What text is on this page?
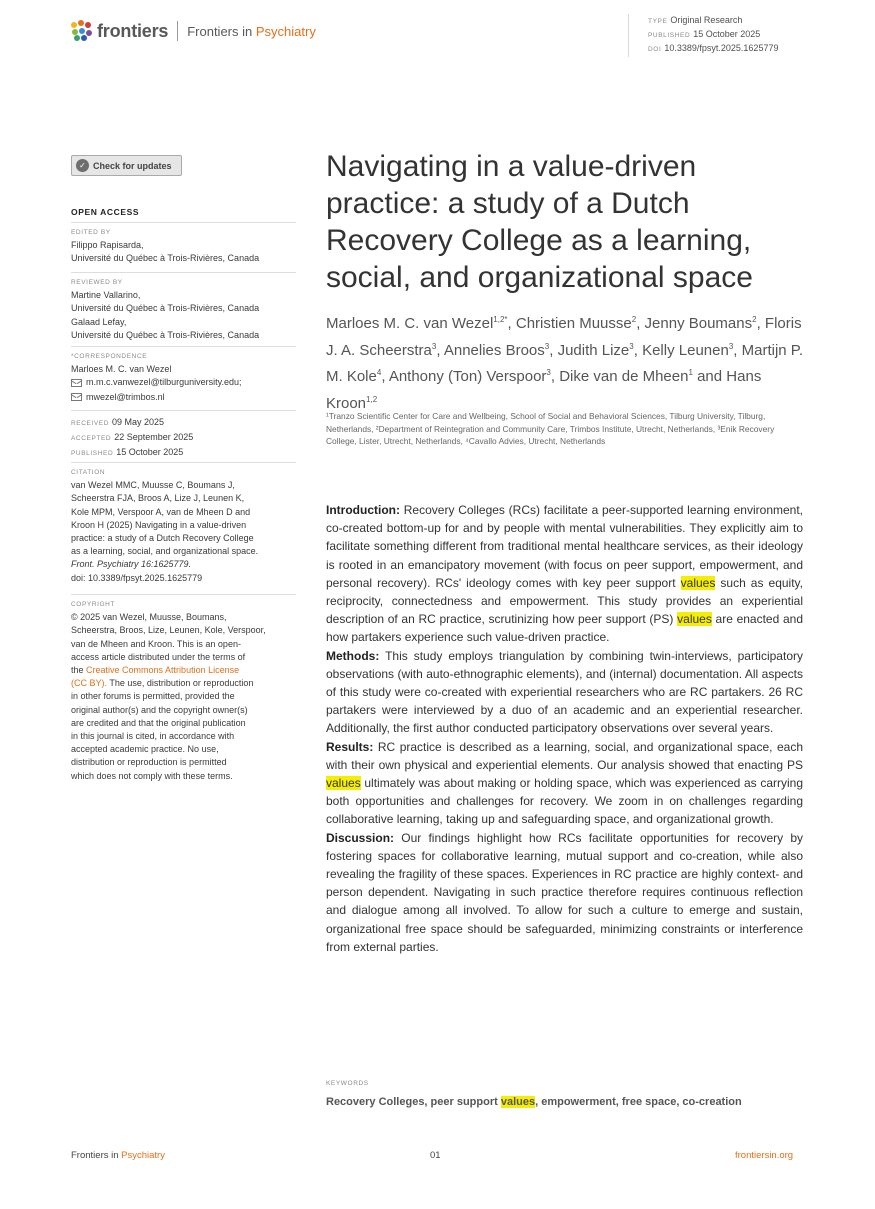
frontiers Frontiers in Psychiatry
TYPE Original Research
PUBLISHED 15 October 2025
DOI 10.3389/fpsyt.2025.1625779
✓ Check for updates
OPEN ACCESS
EDITED BY
Filippo Rapisarda,
Université du Québec à Trois-Rivières, Canada
REVIEWED BY
Martine Vallarino,
Université du Québec à Trois-Rivières, Canada
Galaad Lefay,
Université du Québec à Trois-Rivières, Canada
*CORRESPONDENCE
Marloes M. C. van Wezel
m.m.c.vanwezel@tilburguniversity.edu;
mwezel@trimbos.nl
RECEIVED 09 May 2025
ACCEPTED 22 September 2025
PUBLISHED 15 October 2025
CITATION
van Wezel MMC, Muusse C, Boumans J,
Scheerstra FJA, Broos A, Lize J, Leunen K,
Kole MPM, Verspoor A, van de Mheen D and
Kroon H (2025) Navigating in a value-driven
practice: a study of a Dutch Recovery College
as a learning, social, and organizational space.
Front. Psychiatry 16:1625779.
doi: 10.3389/fpsyt.2025.1625779
COPYRIGHT
© 2025 van Wezel, Muusse, Boumans,
Scheerstra, Broos, Lize, Leunen, Kole, Verspoor,
van de Mheen and Kroon. This is an open-
access article distributed under the terms of
the Creative Commons Attribution License
(CC BY). The use, distribution or reproduction
in other forums is permitted, provided the
original author(s) and the copyright owner(s)
are credited and that the original publication
in this journal is cited, in accordance with
accepted academic practice. No use,
distribution or reproduction is permitted
which does not comply with these terms.
Navigating in a value-driven practice: a study of a Dutch Recovery College as a learning, social, and organizational space
Marloes M. C. van Wezel$^{1,2*}$, Christien Muusse$^2$, Jenny Boumans$^2$, Floris J. A. Scheerstra$^3$, Annelies Broos$^3$, Judith Lize$^3$, Kelly Leunen$^3$, Martijn P. M. Kole$^4$, Anthony (Ton) Verspoor$^3$, Dike van de Mheen$^1$ and Hans Kroon$^{1,2}$
¹Tranzo Scientific Center for Care and Wellbeing, School of Social and Behavioral Sciences, Tilburg University, Tilburg, Netherlands, ²Department of Reintegration and Community Care, Trimbos Institute, Utrecht, Netherlands, ³Enik Recovery College, Lister, Utrecht, Netherlands, ⁴Cavallo Advies, Utrecht, Netherlands

Introduction: Recovery Colleges (RCs) facilitate a peer-supported learning environment, co-created bottom-up for and by people with mental vulnerabilities. They explicitly aim to facilitate something different from traditional mental healthcare services, as their ideology is rooted in an emancipatory movement (with focus on peer support, empowerment, and personal recovery). RCs' ideology comes with key peer support values such as equity, reciprocity, connectedness and empowerment. This study provides an experiential description of an RC practice, scrutinizing how peer support (PS) values are enacted and how partakers experience such value-driven practice.

Methods: This study employs triangulation by combining twin-interviews, participatory observations (with auto-ethnographic elements), and (internal) documentation. All aspects of this study were co-created with experiential researchers who are RC partakers. 26 RC partakers were interviewed by a duo of an academic and an experiential researcher. Additionally, the first author conducted participatory observations over several years.

Results: RC practice is described as a learning, social, and organizational space, each with their own physical and experiential elements. Our analysis showed that enacting PS values ultimately was about making or holding space, which was experienced as carrying both opportunities and challenges for recovery. We zoom in on challenges regarding collaborative learning, taking up and safeguarding space, and organizational growth.

Discussion: Our findings highlight how RCs facilitate opportunities for recovery by fostering spaces for collaborative learning, mutual support and co-creation, while also revealing the fragility of these spaces. Experiences in RC practice are highly context- and person dependent. Navigating in such practice therefore requires continuous reflection and dialogue among all involved. To allow for such a culture to emerge and sustain, organizational free space should be safeguarded, minimizing constraints or interference from external parties.

KEYWORDS
Recovery Colleges, peer support values, empowerment, free space, co-creation
Frontiers in Psychiatry	01	frontiersin.org
